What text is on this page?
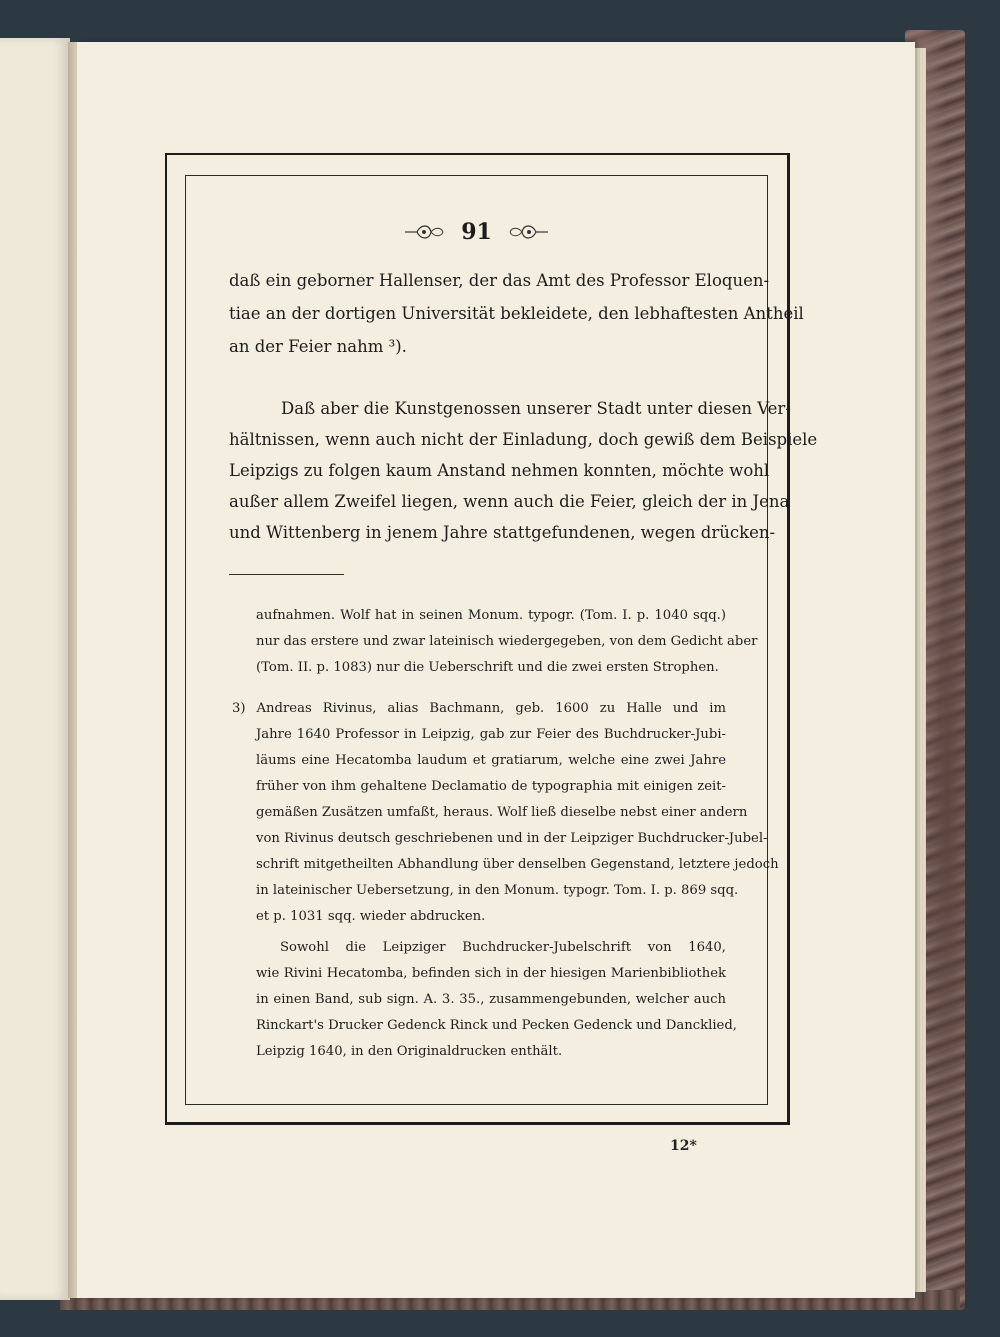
91
daß ein geborner Hallenser, der das Amt des Professor Eloquen-
tiae an der dortigen Universität bekleidete, den lebhaftesten Antheil
an der Feier nahm ³).
Daß aber die Kunstgenossen unserer Stadt unter diesen Ver-
hältnissen, wenn auch nicht der Einladung, doch gewiß dem Beispiele
Leipzigs zu folgen kaum Anstand nehmen konnten, möchte wohl
außer allem Zweifel liegen, wenn auch die Feier, gleich der in Jena
und Wittenberg in jenem Jahre stattgefundenen, wegen drücken-
aufnahmen. Wolf hat in seinen Monum. typogr. (Tom. I. p. 1040 sqq.)
nur das erstere und zwar lateinisch wiedergegeben, von dem Gedicht aber
(Tom. II. p. 1083) nur die Ueberschrift und die zwei ersten Strophen.
3) Andreas Rivinus, alias Bachmann, geb. 1600 zu Halle und im
Jahre 1640 Professor in Leipzig, gab zur Feier des Buchdrucker-Jubi-
läums eine Hecatomba laudum et gratiarum, welche eine zwei Jahre
früher von ihm gehaltene Declamatio de typographia mit einigen zeit-
gemäßen Zusätzen umfaßt, heraus. Wolf ließ dieselbe nebst einer andern
von Rivinus deutsch geschriebenen und in der Leipziger Buchdrucker-Jubel-
schrift mitgetheilten Abhandlung über denselben Gegenstand, letztere jedoch
in lateinischer Uebersetzung, in den Monum. typogr. Tom. I. p. 869 sqq.
et p. 1031 sqq. wieder abdrucken.
Sowohl die Leipziger Buchdrucker-Jubelschrift von 1640,
wie Rivini Hecatomba, befinden sich in der hiesigen Marienbibliothek
in einen Band, sub sign. A. 3. 35., zusammengebunden, welcher auch
Rinckart's Drucker Gedenck Rinck und Pecken Gedenck und Dancklied,
Leipzig 1640, in den Originaldrucken enthält.
12*
